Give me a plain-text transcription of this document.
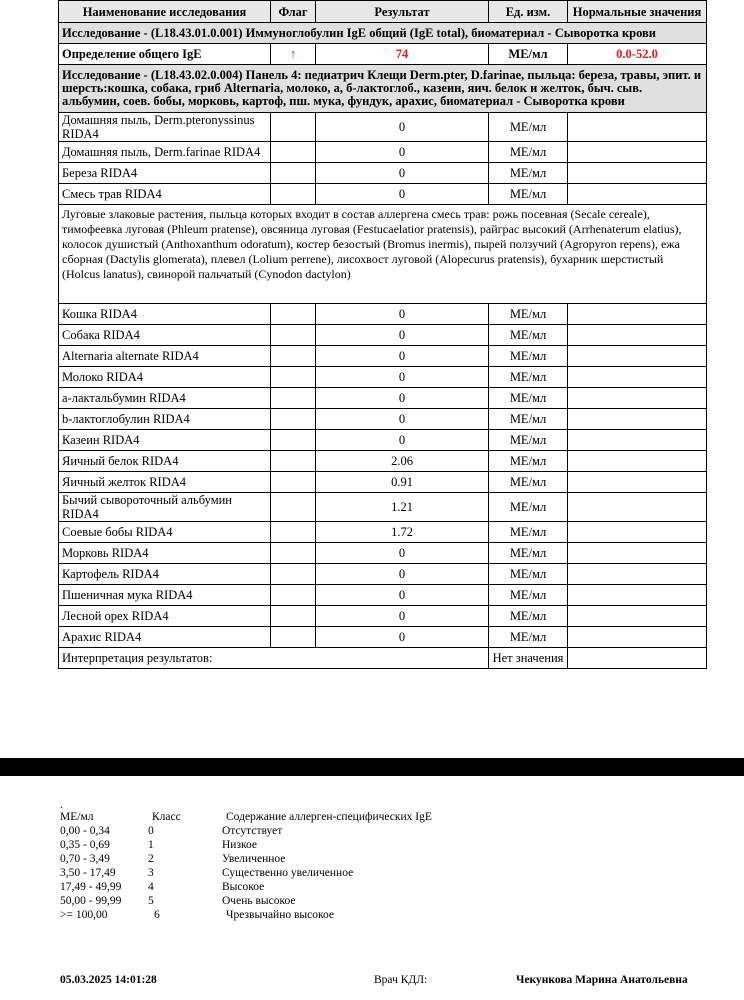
Наименование исследования	Флаг	Результат	Ед. изм.	Нормальные значения
Исследование - (L18.43.01.0.001) Иммуноглобулин IgE общий (IgE total), биоматериал - Сыворотка крови				
Определение общего IgE	↑	74	МЕ/мл	0.0-52.0
Исследование - (L18.43.02.0.004) Панель 4: педиатрич Клещи Derm.pter, D.farinae, пыльца: береза, травы, эпит. и шерсть:кошка, собака, гриб Alternaria, молоко, а, б-лактоглоб., казеин, яич. белок и желток, быч. сыв. альбумин, соев. бобы, морковь, картоф, пш. мука, фундук, арахис, биоматериал - Сыворотка крови				
Домашняя пыль, Derm.pteronyssinus RIDA4		0	МЕ/мл	
Домашняя пыль, Derm.farinae RIDA4		0	МЕ/мл	
Береза RIDA4		0	МЕ/мл	
Смесь трав RIDA4		0	МЕ/мл	
Луговые злаковые растения, пыльца которых входит в состав аллергена смесь трав: рожь посевная (Secale cereale), тимофеевка луговая (Phleum pratense), овсяница луговая (Festucaelatior pratensis), райграс высокий (Arrhenaterum elatius), колосок душистый (Anthoxanthum odoratum), костер безостый (Bromus inermis), пырей ползучий (Agropyron repens), ежа сборная (Dactylis glomerata), плевел (Lolium perrene), лисохвост луговой (Alopecurus pratensis), бухарник шерстистый (Holcus lanatus), свинорой пальчатый (Cynodon dactylon)				
Кошка RIDA4		0	МЕ/мл	
Собака RIDA4		0	МЕ/мл	
Alternaria alternate RIDA4		0	МЕ/мл	
Молоко RIDA4		0	МЕ/мл	
а-лактальбумин RIDA4		0	МЕ/мл	
b-лактоглобулин RIDA4		0	МЕ/мл	
Казеин RIDA4		0	МЕ/мл	
Яичный белок RIDA4		2.06	МЕ/мл	
Яичный желток RIDA4		0.91	МЕ/мл	
Бычий сывороточный альбумин RIDA4		1.21	МЕ/мл	
Соевые бобы RIDA4		1.72	МЕ/мл	
Морковь RIDA4		0	МЕ/мл	
Картофель RIDA4		0	МЕ/мл	
Пшеничная мука RIDA4		0	МЕ/мл	
Лесной орех RIDA4		0	МЕ/мл	
Арахис RIDA4		0	МЕ/мл	
Интерпретация результатов:			Нет значения	
.
МЕ/мл	Класс	Содержание аллерген-специфических IgE
0,00 - 0,34	0	Отсутствует
0,35 - 0,69	1	Низкое
0,70 - 3,49	2	Увеличенное
3,50 - 17,49	3	Существенно увеличенное
17,49 - 49,99 4	Высокое
50,00 - 99,99 5	Очень высокое
>= 100,00	6	Чрезвычайно высокое
05.03.2025 14:01:28	Врач КДЛ:	Чекункова Марина Анатольевна
